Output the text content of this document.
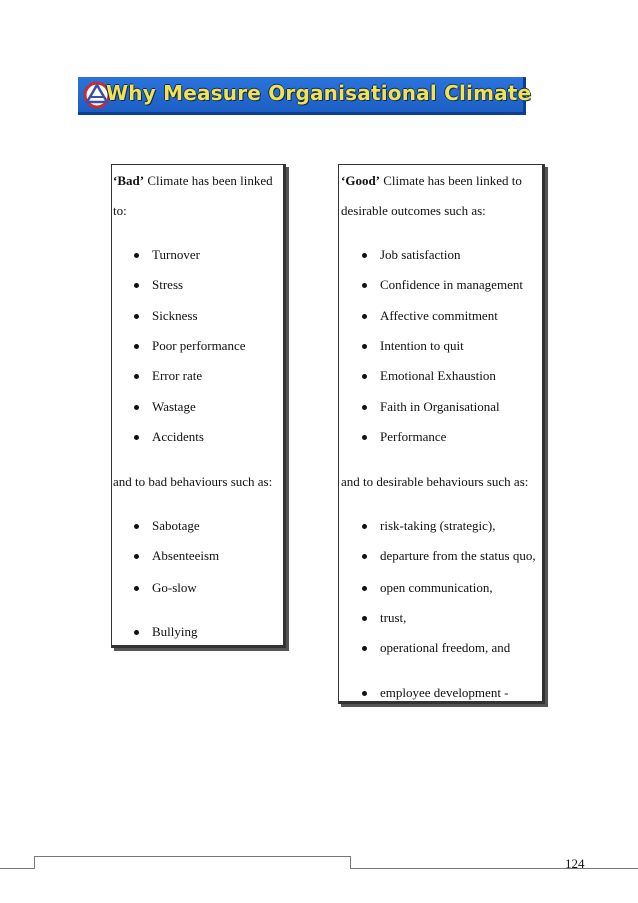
Why Measure Organisational Climate
‘Bad’ Climate has been linked
to:
Turnover
Stress
Sickness
Poor performance
Error rate
Wastage
Accidents
and to bad behaviours such as:
Sabotage
Absenteeism
Go-slow
Bullying
‘Good’ Climate has been linked to
desirable outcomes such as:
Job satisfaction
Confidence in management
Affective commitment
Intention to quit
Emotional Exhaustion
Faith in Organisational
Performance
and to desirable behaviours such as:
risk-taking (strategic),
departure from the status quo,
open communication,
trust,
operational freedom, and
employee development -
124
